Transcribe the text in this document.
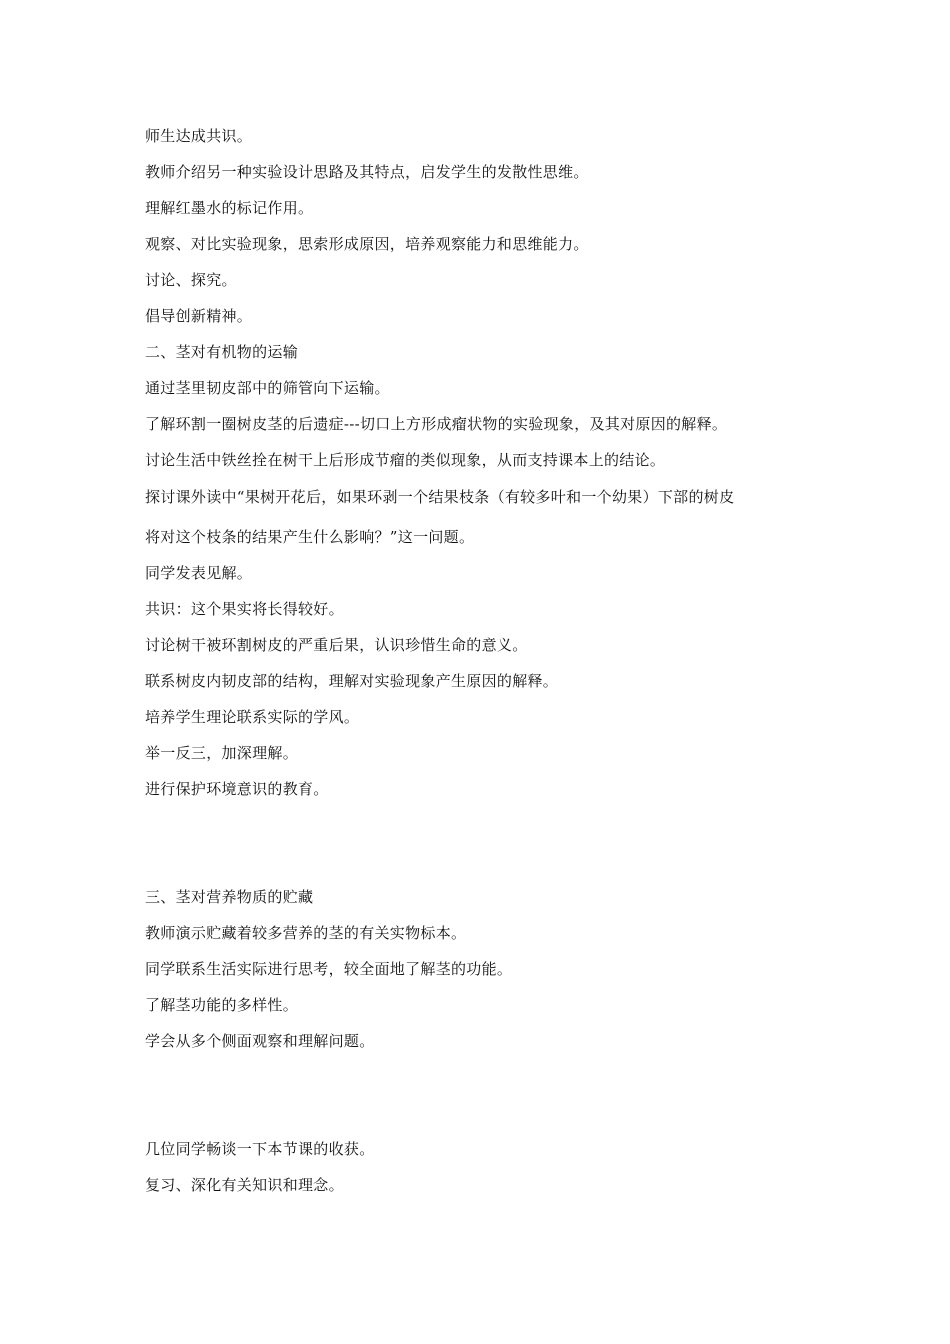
师生达成共识。
教师介绍另一种实验设计思路及其特点，启发学生的发散性思维。
理解红墨水的标记作用。
观察、对比实验现象，思索形成原因，培养观察能力和思维能力。
讨论、探究。
倡导创新精神。
二、茎对有机物的运输
通过茎里韧皮部中的筛管向下运输。
了解环割一圈树皮茎的后遗症---切口上方形成瘤状物的实验现象，及其对原因的解释。
讨论生活中铁丝拴在树干上后形成节瘤的类似现象，从而支持课本上的结论。
探讨课外读中“果树开花后，如果环剥一个结果枝条（有较多叶和一个幼果）下部的树皮
将对这个枝条的结果产生什么影响？”这一问题。
同学发表见解。
共识：这个果实将长得较好。
讨论树干被环割树皮的严重后果，认识珍惜生命的意义。
联系树皮内韧皮部的结构，理解对实验现象产生原因的解释。
培养学生理论联系实际的学风。
举一反三，加深理解。
进行保护环境意识的教育。
三、茎对营养物质的贮藏
教师演示贮藏着较多营养的茎的有关实物标本。
同学联系生活实际进行思考，较全面地了解茎的功能。
了解茎功能的多样性。
学会从多个侧面观察和理解问题。
几位同学畅谈一下本节课的收获。
复习、深化有关知识和理念。
